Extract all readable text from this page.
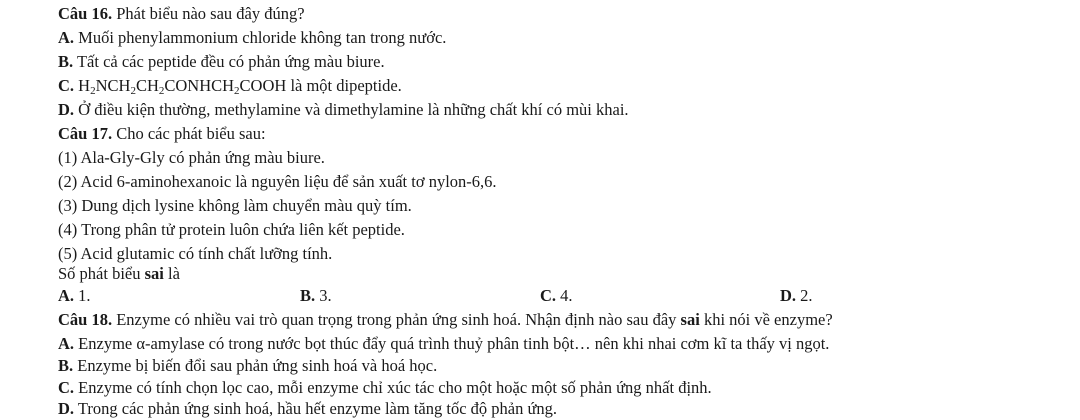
Câu 16. Phát biểu nào sau đây đúng?
A. Muối phenylammonium chloride không tan trong nước.
B. Tất cả các peptide đều có phản ứng màu biure.
C. $H_2NCH_2CH_2CONHCH_2COOH$ là một dipeptide.
D. Ở điều kiện thường, methylamine và dimethylamine là những chất khí có mùi khai.
Câu 17. Cho các phát biểu sau:
(1) Ala-Gly-Gly có phản ứng màu biure.
(2) Acid 6-aminohexanoic là nguyên liệu để sản xuất tơ nylon-6,6.
(3) Dung dịch lysine không làm chuyển màu quỳ tím.
(4) Trong phân tử protein luôn chứa liên kết peptide.
(5) Acid glutamic có tính chất lưỡng tính.
Số phát biểu sai là
A. 1.	B. 3.	C. 4.	D. 2.
Câu 18. Enzyme có nhiều vai trò quan trọng trong phản ứng sinh hoá. Nhận định nào sau đây sai khi nói về enzyme?
A. Enzyme α-amylase có trong nước bọt thúc đẩy quá trình thuỷ phân tinh bột… nên khi nhai cơm kĩ ta thấy vị ngọt.
B. Enzyme bị biến đổi sau phản ứng sinh hoá và hoá học.
C. Enzyme có tính chọn lọc cao, mỗi enzyme chỉ xúc tác cho một hoặc một số phản ứng nhất định.
D. Trong các phản ứng sinh hoá, hầu hết enzyme làm tăng tốc độ phản ứng.
